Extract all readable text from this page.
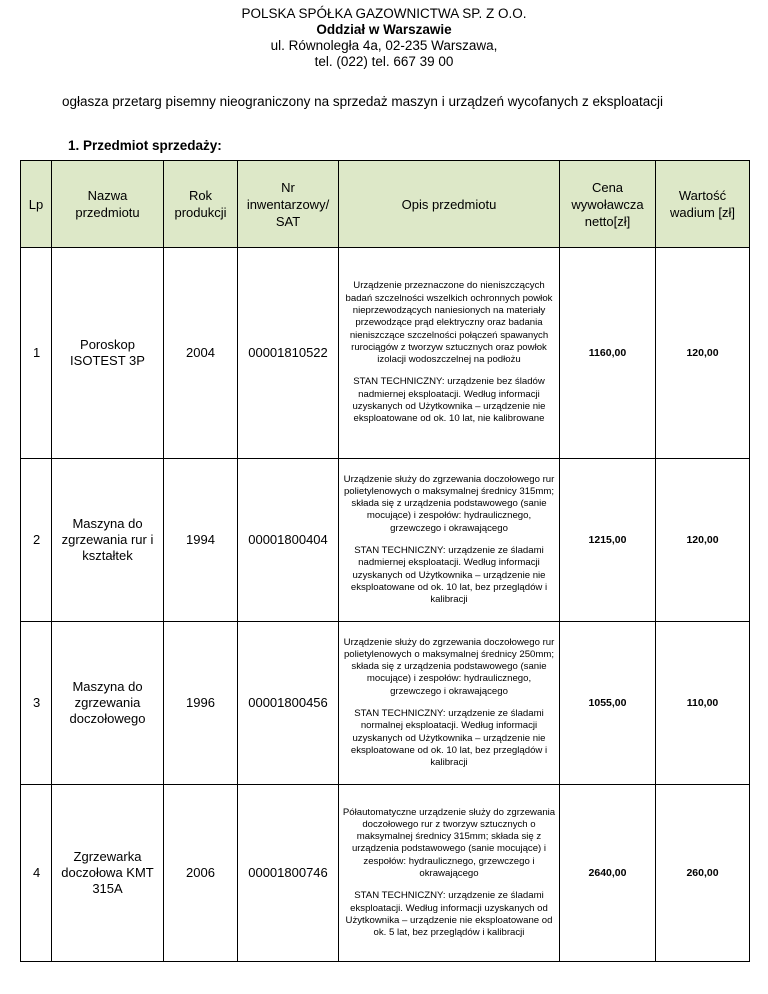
POLSKA SPÓŁKA GAZOWNICTWA SP. Z O.O.
Oddział w Warszawie
ul. Równoległa 4a, 02-235 Warszawa,
tel. (022) tel. 667 39 00
ogłasza przetarg pisemny nieograniczony na sprzedaż maszyn i urządzeń wycofanych z eksploatacji
1. Przedmiot sprzedaży:
Lp	Nazwa przedmiotu	Rok produkcji	Nr inwentarzowy/ SAT	Opis przedmiotu	Cena wywoławcza netto[zł]	Wartość wadium [zł]
1	Poroskop ISOTEST 3P	2004	00001810522	Urządzenie przeznaczone do nieniszczących badań szczelności wszelkich ochronnych powłok nieprzewodzących naniesionych na materiały przewodzące prąd elektryczny oraz badania nieniszczące szczelności połączeń spawanych rurociągów z tworzyw sztucznych oraz powłok izolacji wodoszczelnej na podłożu

STAN TECHNICZNY: urządzenie bez śladów nadmiernej eksploatacji. Według informacji uzyskanych od Użytkownika – urządzenie nie eksploatowane od ok. 10 lat, nie kalibrowane	1160,00	120,00
2	Maszyna do zgrzewania rur i kształtek	1994	00001800404	Urządzenie służy do zgrzewania doczołowego rur polietylenowych o maksymalnej średnicy 315mm; składa się z urządzenia podstawowego (sanie mocujące) i zespołów: hydraulicznego, grzewczego i okrawającego

STAN TECHNICZNY: urządzenie ze śladami nadmiernej eksploatacji. Według informacji uzyskanych od Użytkownika – urządzenie nie eksploatowane od ok. 10 lat, bez przeglądów i kalibracji	1215,00	120,00
3	Maszyna do zgrzewania doczołowego	1996	00001800456	Urządzenie służy do zgrzewania doczołowego rur polietylenowych o maksymalnej średnicy 250mm; składa się z urządzenia podstawowego (sanie mocujące) i zespołów: hydraulicznego, grzewczego i okrawającego

STAN TECHNICZNY: urządzenie ze śladami normalnej eksploatacji. Według informacji uzyskanych od Użytkownika – urządzenie nie eksploatowane od ok. 10 lat, bez przeglądów i kalibracji	1055,00	110,00
4	Zgrzewarka doczołowa KMT 315A	2006	00001800746	Półautomatyczne urządzenie służy do zgrzewania doczołowego rur z tworzyw sztucznych o maksymalnej średnicy 315mm; składa się z urządzenia podstawowego (sanie mocujące) i zespołów: hydraulicznego, grzewczego i okrawającego

STAN TECHNICZNY: urządzenie ze śladami eksploatacji. Według informacji uzyskanych od Użytkownika – urządzenie nie eksploatowane od ok. 5 lat, bez przeglądów i kalibracji	2640,00	260,00
